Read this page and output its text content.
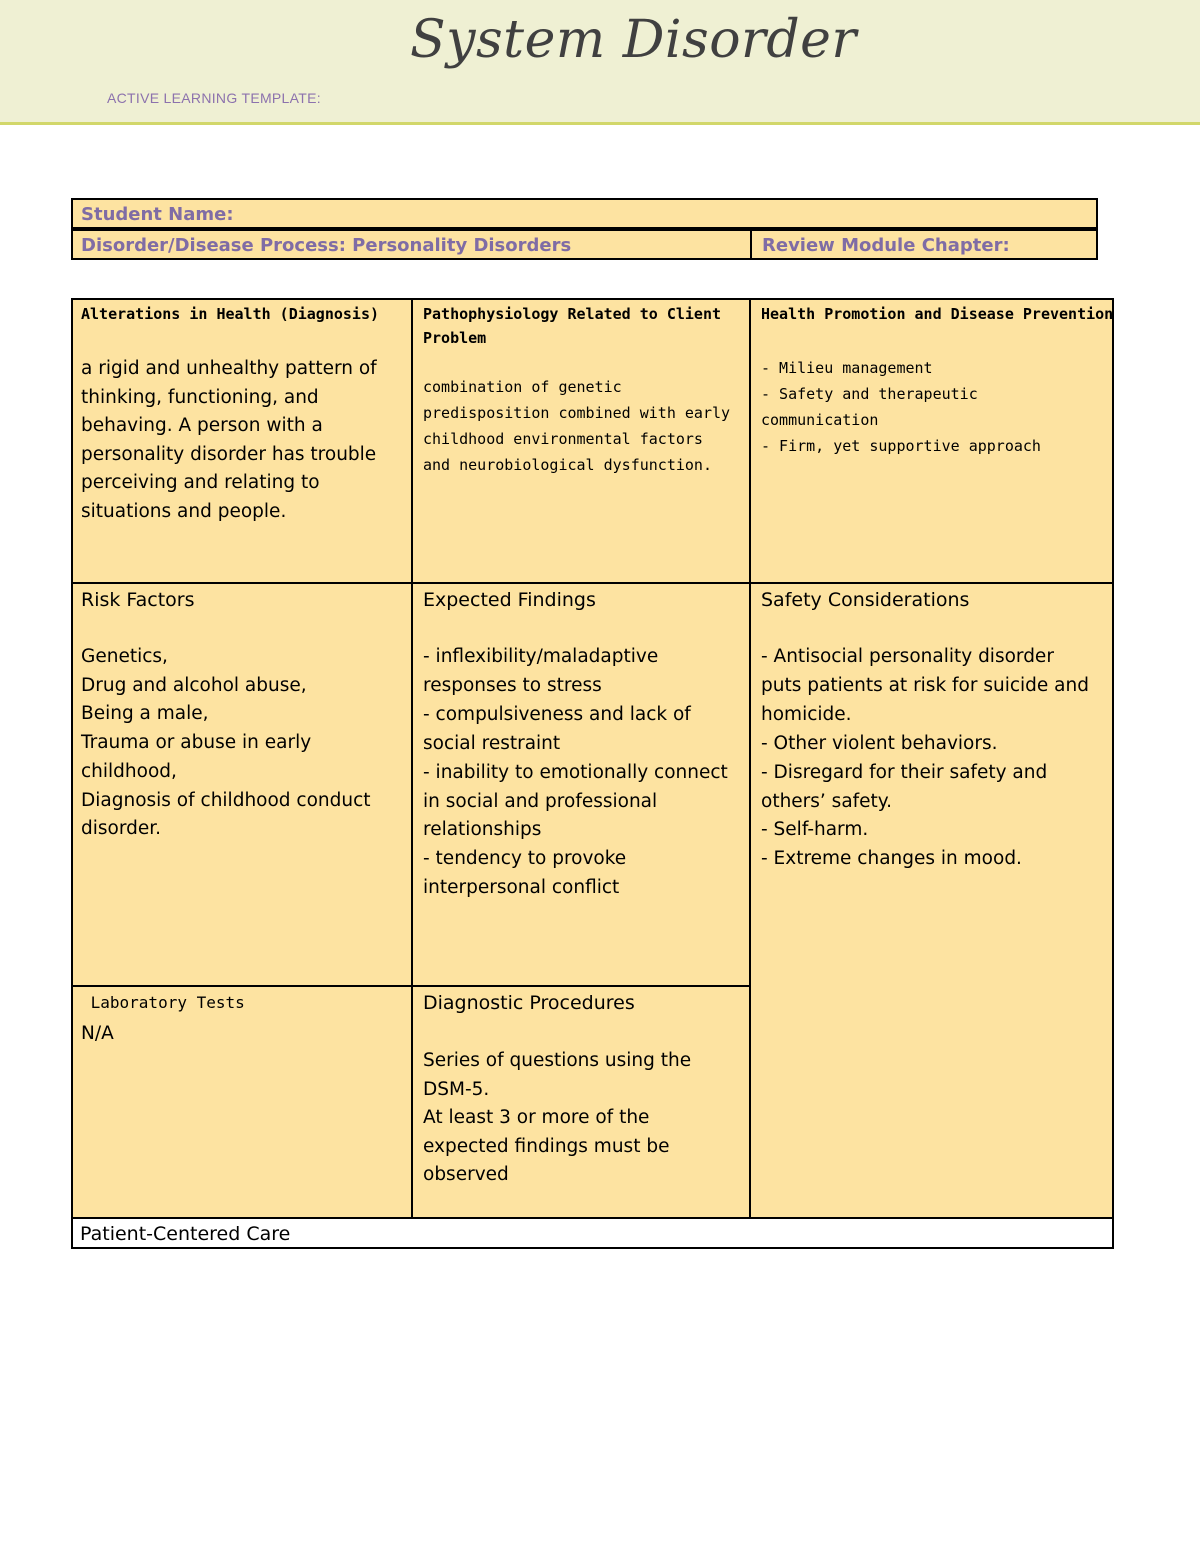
System Disorder
ACTIVE LEARNING TEMPLATE:
Student Name:
Disorder/Disease Process: Personality Disorders	Review Module Chapter:
Alterations in Health (Diagnosis)
a rigid and unhealthy pattern of
thinking, functioning, and
behaving. A person with a
personality disorder has trouble
perceiving and relating to
situations and people.
Pathophysiology Related to Client
Problem
combination of genetic
predisposition combined with early
childhood environmental factors
and neurobiological dysfunction.
Health Promotion and Disease Prevention
- Milieu management
- Safety and therapeutic
communication
- Firm, yet supportive approach
Risk Factors
Genetics,
Drug and alcohol abuse,
Being a male,
Trauma or abuse in early
childhood,
Diagnosis of childhood conduct
disorder.
Expected Findings
- inflexibility/maladaptive
responses to stress
- compulsiveness and lack of
social restraint
- inability to emotionally connect
in social and professional
relationships
- tendency to provoke
interpersonal conflict
Safety Considerations
- Antisocial personality disorder
puts patients at risk for suicide and
homicide.
- Other violent behaviors.
- Disregard for their safety and
others’ safety.
- Self-harm.
- Extreme changes in mood.
Laboratory Tests
N/A
Diagnostic Procedures
Series of questions using the
DSM-5.
At least 3 or more of the
expected findings must be
observed
Patient-Centered Care
